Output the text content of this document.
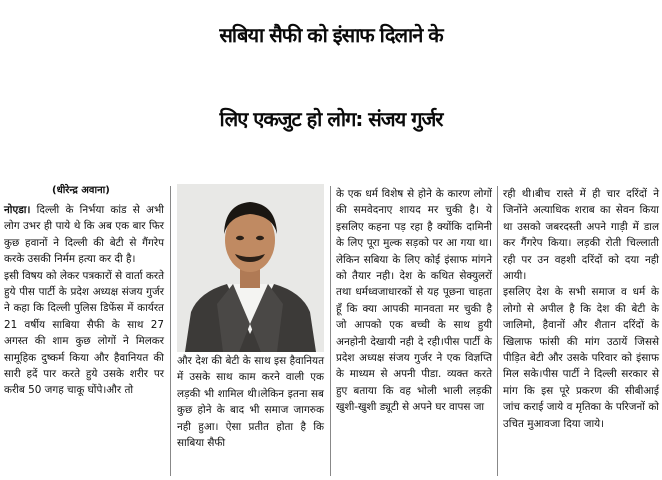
सबिया सैफी को इंसाफ दिलाने के
लिए एकजुट हो लोग: संजय गुर्जर
(धीरेन्द्र अवाना)

नोएडा। दिल्ली के निर्भया कांड से अभी लोग उभर ही पाये थे कि अब एक बार फिर कुछ हवानों ने दिल्ली की बेटी से गैंगरेप करके उसकी निर्मम हत्या कर दी है।

इसी विषय को लेकर पत्रकारों से वार्ता करते हुये पीस पार्टी के प्रदेश अध्यक्ष संजय गुर्जर ने कहा कि दिल्ली पुलिस डिफेंस में कार्यरत 21 वर्षीय साबिया सैफी के साथ 27 अगस्त की शाम कुछ लोगों ने मिलकर सामूहिक दुष्कर्म किया और हैवानियत की सारी हदें पार करते हुये उसके शरीर पर करीब 50 जगह चाकू घोंपे।और तो

और देश की बेटी के साथ इस हैवानियत में उसके साथ काम करने वाली एक लड़की भी शामिल थी।लेकिन इतना सब कुछ होने के बाद भी समाज जागरुक नही हुआ। ऐसा प्रतीत होता है कि साबिया सैफी

के एक धर्म विशेष से होने के कारण लोगों की समवेदनाए शायद मर चुकी है। ये इसलिए कहना पड़ रहा है क्योंकि दामिनी के लिए पूरा मुल्क सड़को पर आ गया था। लेकिन सबिया के लिए कोई इंसाफ मांगने को तैयार नही। देश के कथित सेक्युलरों तथा धर्मध्वजाधारकों से यह पूछना चाहता हूँ कि क्या आपकी मानवता मर चुकी है जो आपको एक बच्ची के साथ हुयी अनहोनी देखायी नही दे रही।पीस पार्टी के प्रदेश अध्यक्ष संजय गुर्जर ने एक विज्ञप्ति के माध्यम से अपनी पीडा. व्यक्त करते हुए बताया कि वह भोली भाली लड़की खुशी-खुशी ड्यूटी से अपने घर वापस जा

रही थी।बीच रास्ते में ही चार दरिंदों ने जिनोंने अत्याधिक शराब का सेवन किया था उसको जबरदस्ती अपने गाड़ी में डाल कर गैंगरेप किया। लड़की रोती चिल्लाती रही पर उन वहशी दरिंदों को दया नही आयी।

इसलिए देश के सभी समाज व धर्म के लोगो से अपील है कि देश की बेटी के जालिमो, हैवानों और शैतान दरिंदों के खिलाफ फांसी की मांग उठायें जिससे पीड़ित बेटी और उसके परिवार को इंसाफ मिल सके।पीस पार्टी ने दिल्ली सरकार से मांग कि इस पूरे प्रकरण की सीबीआई जांच कराई जाये व मृतिका के परिजनों को उचित मुआवजा दिया जाये।
